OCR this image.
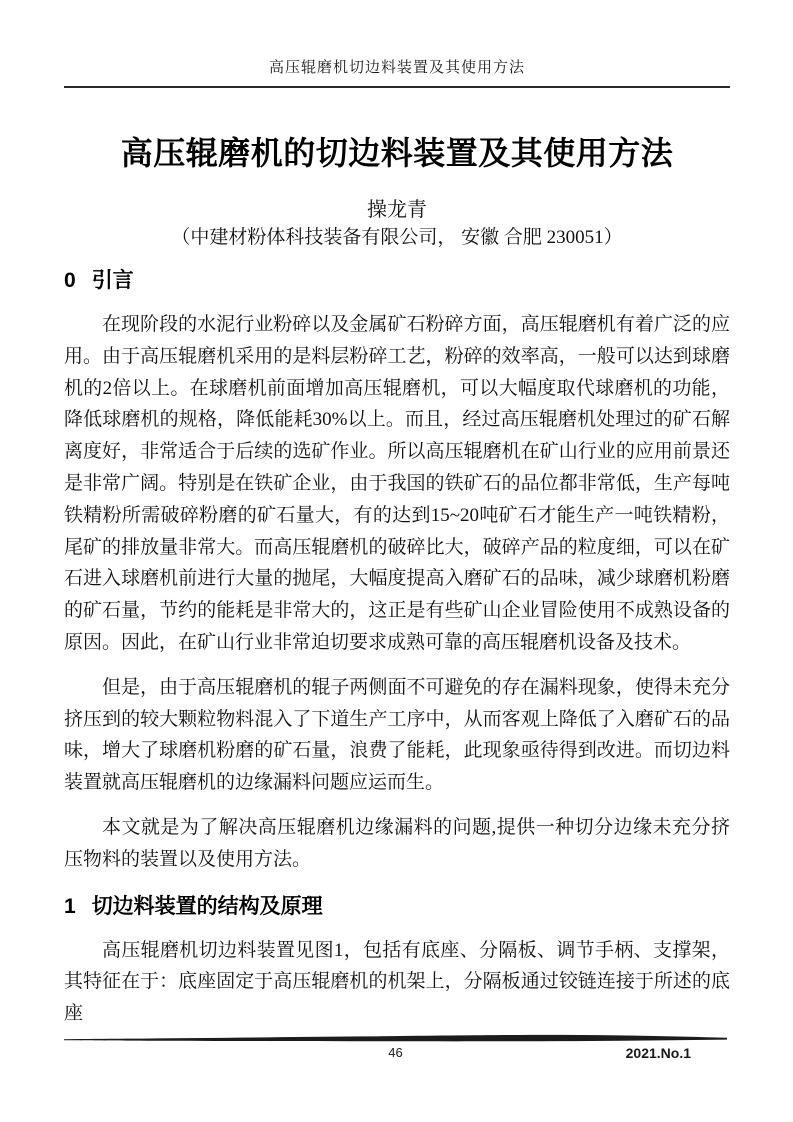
高压辊磨机切边料装置及其使用方法
高压辊磨机的切边料装置及其使用方法
操龙青
（中建材粉体科技装备有限公司， 安徽 合肥 230051）
0 引言

在现阶段的水泥行业粉碎以及金属矿石粉碎方面，高压辊磨机有着广泛的应用。由于高压辊磨机采用的是料层粉碎工艺，粉碎的效率高，一般可以达到球磨机的2倍以上。在球磨机前面增加高压辊磨机，可以大幅度取代球磨机的功能，降低球磨机的规格，降低能耗30%以上。而且，经过高压辊磨机处理过的矿石解离度好，非常适合于后续的选矿作业。所以高压辊磨机在矿山行业的应用前景还是非常广阔。特别是在铁矿企业，由于我国的铁矿石的品位都非常低，生产每吨铁精粉所需破碎粉磨的矿石量大，有的达到15~20吨矿石才能生产一吨铁精粉，尾矿的排放量非常大。而高压辊磨机的破碎比大，破碎产品的粒度细，可以在矿石进入球磨机前进行大量的抛尾，大幅度提高入磨矿石的品味，减少球磨机粉磨的矿石量，节约的能耗是非常大的，这正是有些矿山企业冒险使用不成熟设备的原因。因此，在矿山行业非常迫切要求成熟可靠的高压辊磨机设备及技术。

但是，由于高压辊磨机的辊子两侧面不可避免的存在漏料现象，使得未充分挤压到的较大颗粒物料混入了下道生产工序中，从而客观上降低了入磨矿石的品味，增大了球磨机粉磨的矿石量，浪费了能耗，此现象亟待得到改进。而切边料装置就高压辊磨机的边缘漏料问题应运而生。

本文就是为了解决高压辊磨机边缘漏料的问题,提供一种切分边缘未充分挤压物料的装置以及使用方法。

1 切边料装置的结构及原理

高压辊磨机切边料装置见图1，包括有底座、分隔板、调节手柄、支撑架，其特征在于：底座固定于高压辊磨机的机架上，分隔板通过铰链连接于所述的底座

46	2021.No.1
